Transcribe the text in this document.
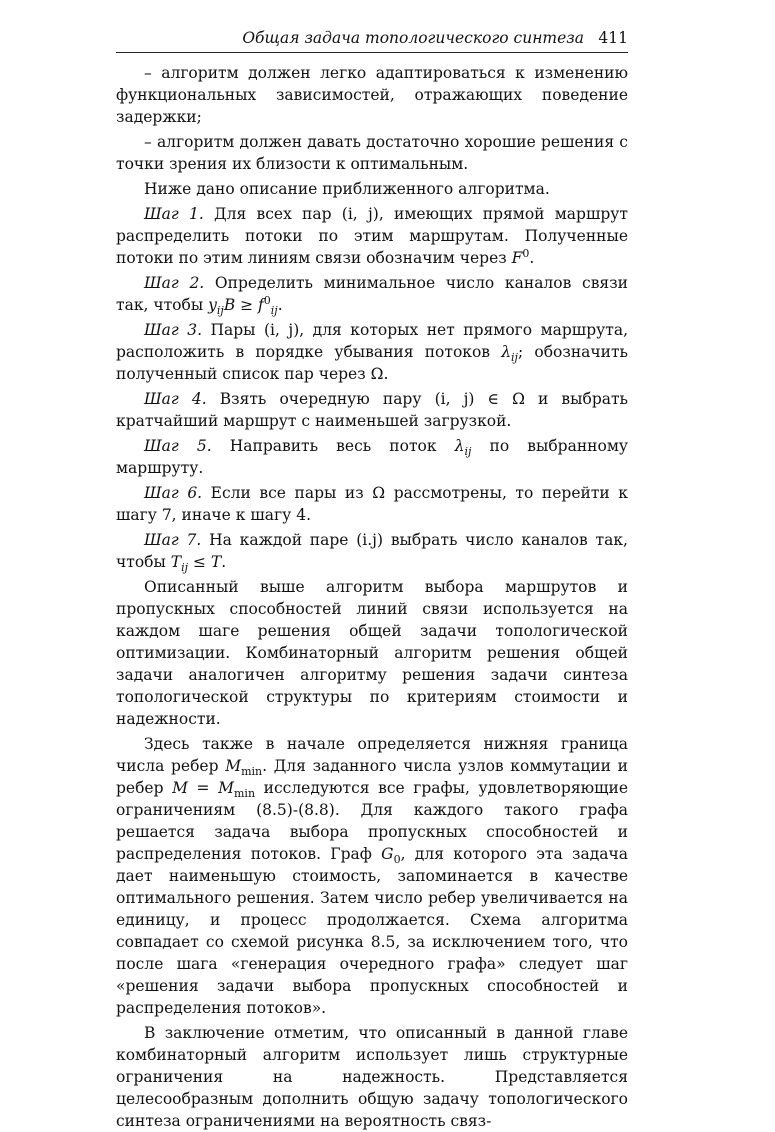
Общая задача топологического синтеза 411

– алгоритм должен легко адаптироваться к изменению функциональных зависимостей, отражающих поведение задержки;

– алгоритм должен давать достаточно хорошие решения с точки зрения их близости к оптимальным.

Ниже дано описание приближенного алгоритма.

Шаг 1. Для всех пар (i, j), имеющих прямой маршрут распределить потоки по этим маршрутам. Полученные потоки по этим линиям связи обозначим через $F^0$.

Шаг 2. Определить минимальное число каналов связи так, чтобы $y_{ij}B \ge f^0_{ij}$.

Шаг 3. Пары (i, j), для которых нет прямого маршрута, расположить в порядке убывания потоков $\lambda_{ij}$; обозначить полученный список пар через Ω.

Шаг 4. Взять очередную пару (i, j) ∈ Ω и выбрать кратчайший маршрут с наименьшей загрузкой.

Шаг 5. Направить весь поток $\lambda_{ij}$ по выбранному маршруту.

Шаг 6. Если все пары из Ω рассмотрены, то перейти к шагу 7, иначе к шагу 4.

Шаг 7. На каждой паре (i.j) выбрать число каналов так, чтобы $T_{ij} \le T$.

Описанный выше алгоритм выбора маршрутов и пропускных способностей линий связи используется на каждом шаге решения общей задачи топологической оптимизации. Комбинаторный алгоритм решения общей задачи аналогичен алгоритму решения задачи синтеза топологической структуры по критериям стоимости и надежности.

Здесь также в начале определяется нижняя граница числа ребер $M_{min}$. Для заданного числа узлов коммутации и ребер $M = M_{min}$ исследуются все графы, удовлетворяющие ограничениям (8.5)-(8.8). Для каждого такого графа решается задача выбора пропускных способностей и распределения потоков. Граф $G_0$, для которого эта задача дает наименьшую стоимость, запоминается в качестве оптимального решения. Затем число ребер увеличивается на единицу, и процесс продолжается. Схема алгоритма совпадает со схемой рисунка 8.5, за исключением того, что после шага «генерация очередного графа» следует шаг «решения задачи выбора пропускных способностей и распределения потоков».

В заключение отметим, что описанный в данной главе комбинаторный алгоритм использует лишь структурные ограничения на надежность. Представляется целесообразным дополнить общую задачу топологического синтеза ограничениями на вероятность связ-
